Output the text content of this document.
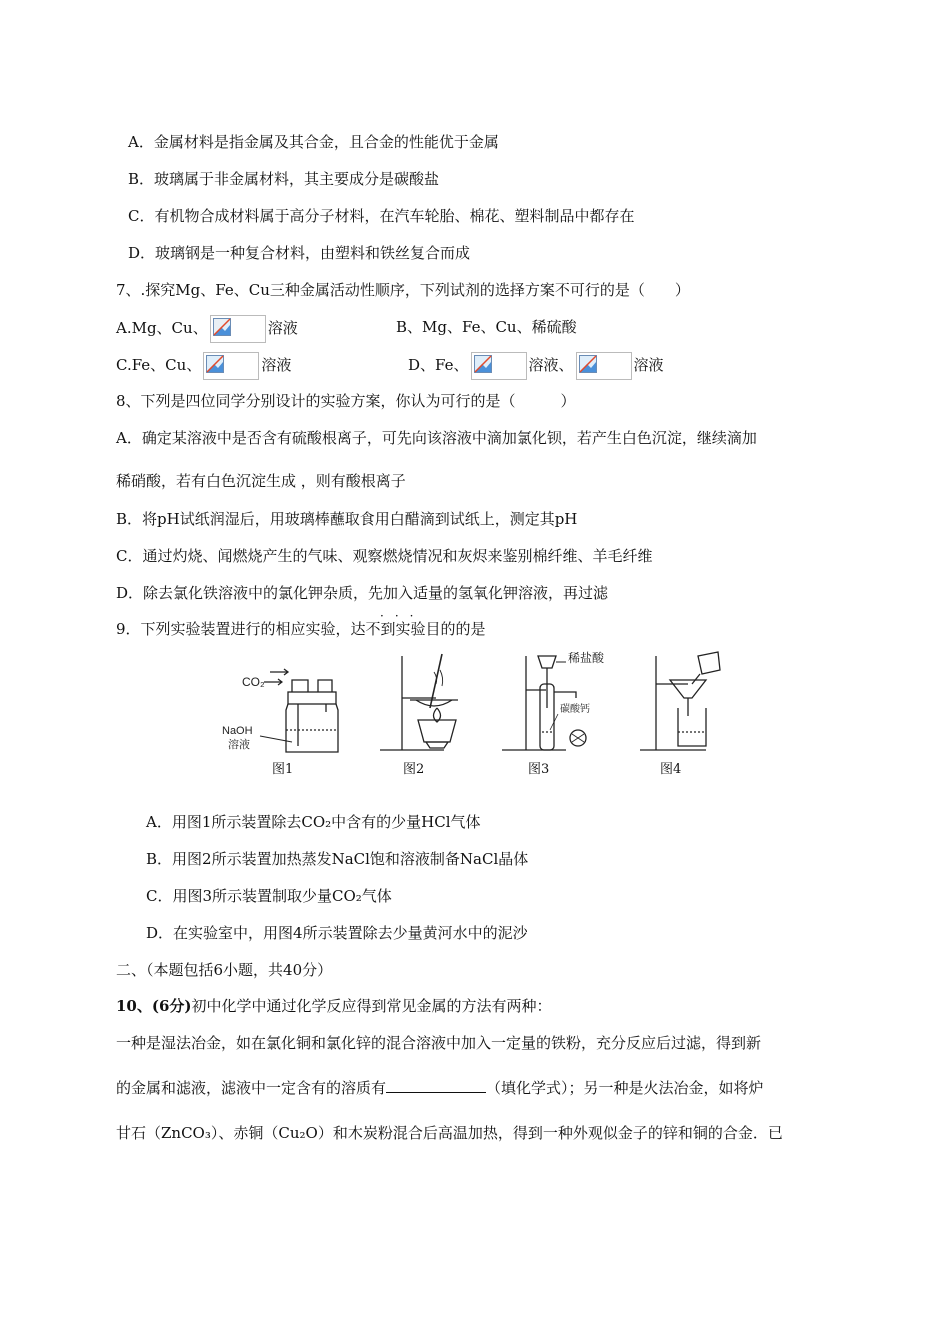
A．金属材料是指金属及其合金，且合金的性能优于金属
B．玻璃属于非金属材料，其主要成分是碳酸盐
C．有机物合成材料属于高分子材料，在汽车轮胎、棉花、塑料制品中都存在
D．玻璃钢是一种复合材料，由塑料和铁丝复合而成
7、.探究Mg、Fe、Cu三种金属活动性顺序，下列试剂的选择方案不可行的是（　　）
A.Mg、Cu、	溶液	B、Mg、Fe、Cu、稀硫酸
C.Fe、Cu、	溶液	D、Fe、	溶液、	溶液
8、下列是四位同学分别设计的实验方案，你认为可行的是（　　　）
A．确定某溶液中是否含有硫酸根离子，可先向该溶液中滴加氯化钡，若产生白色沉淀，继续滴加
稀硝酸，若有白色沉淀生成 ，则有酸根离子
B．将pH试纸润湿后，用玻璃棒蘸取食用白醋滴到试纸上，测定其pH
C．通过灼烧、闻燃烧产生的气味、观察燃烧情况和灰烬来鉴别棉纤维、羊毛纤维
D．除去氯化铁溶液中的氯化钾杂质，先加入适量的氢氧化钾溶液，再过滤
9．下列实验装置进行的相应实验，达不到实验目的的是
···
CO₂
NaOH
溶液
稀盐酸
碳酸钙
图1	图2	图3	图4
A．用图1所示装置除去CO₂中含有的少量HCl气体
B．用图2所示装置加热蒸发NaCl饱和溶液制备NaCl晶体
C．用图3所示装置制取少量CO₂气体
D．在实验室中，用图4所示装置除去少量黄河水中的泥沙
二、（本题包括6小题，共40分）
10、(6分)初中化学中通过化学反应得到常见金属的方法有两种：
一种是湿法冶金，如在氯化铜和氯化锌的混合溶液中加入一定量的铁粉，充分反应后过滤，得到新
的金属和滤液，滤液中一定含有的溶质有	（填化学式）；另一种是火法冶金，如将炉
甘石（ZnCO₃）、赤铜（Cu₂O）和木炭粉混合后高温加热，得到一种外观似金子的锌和铜的合金．已
